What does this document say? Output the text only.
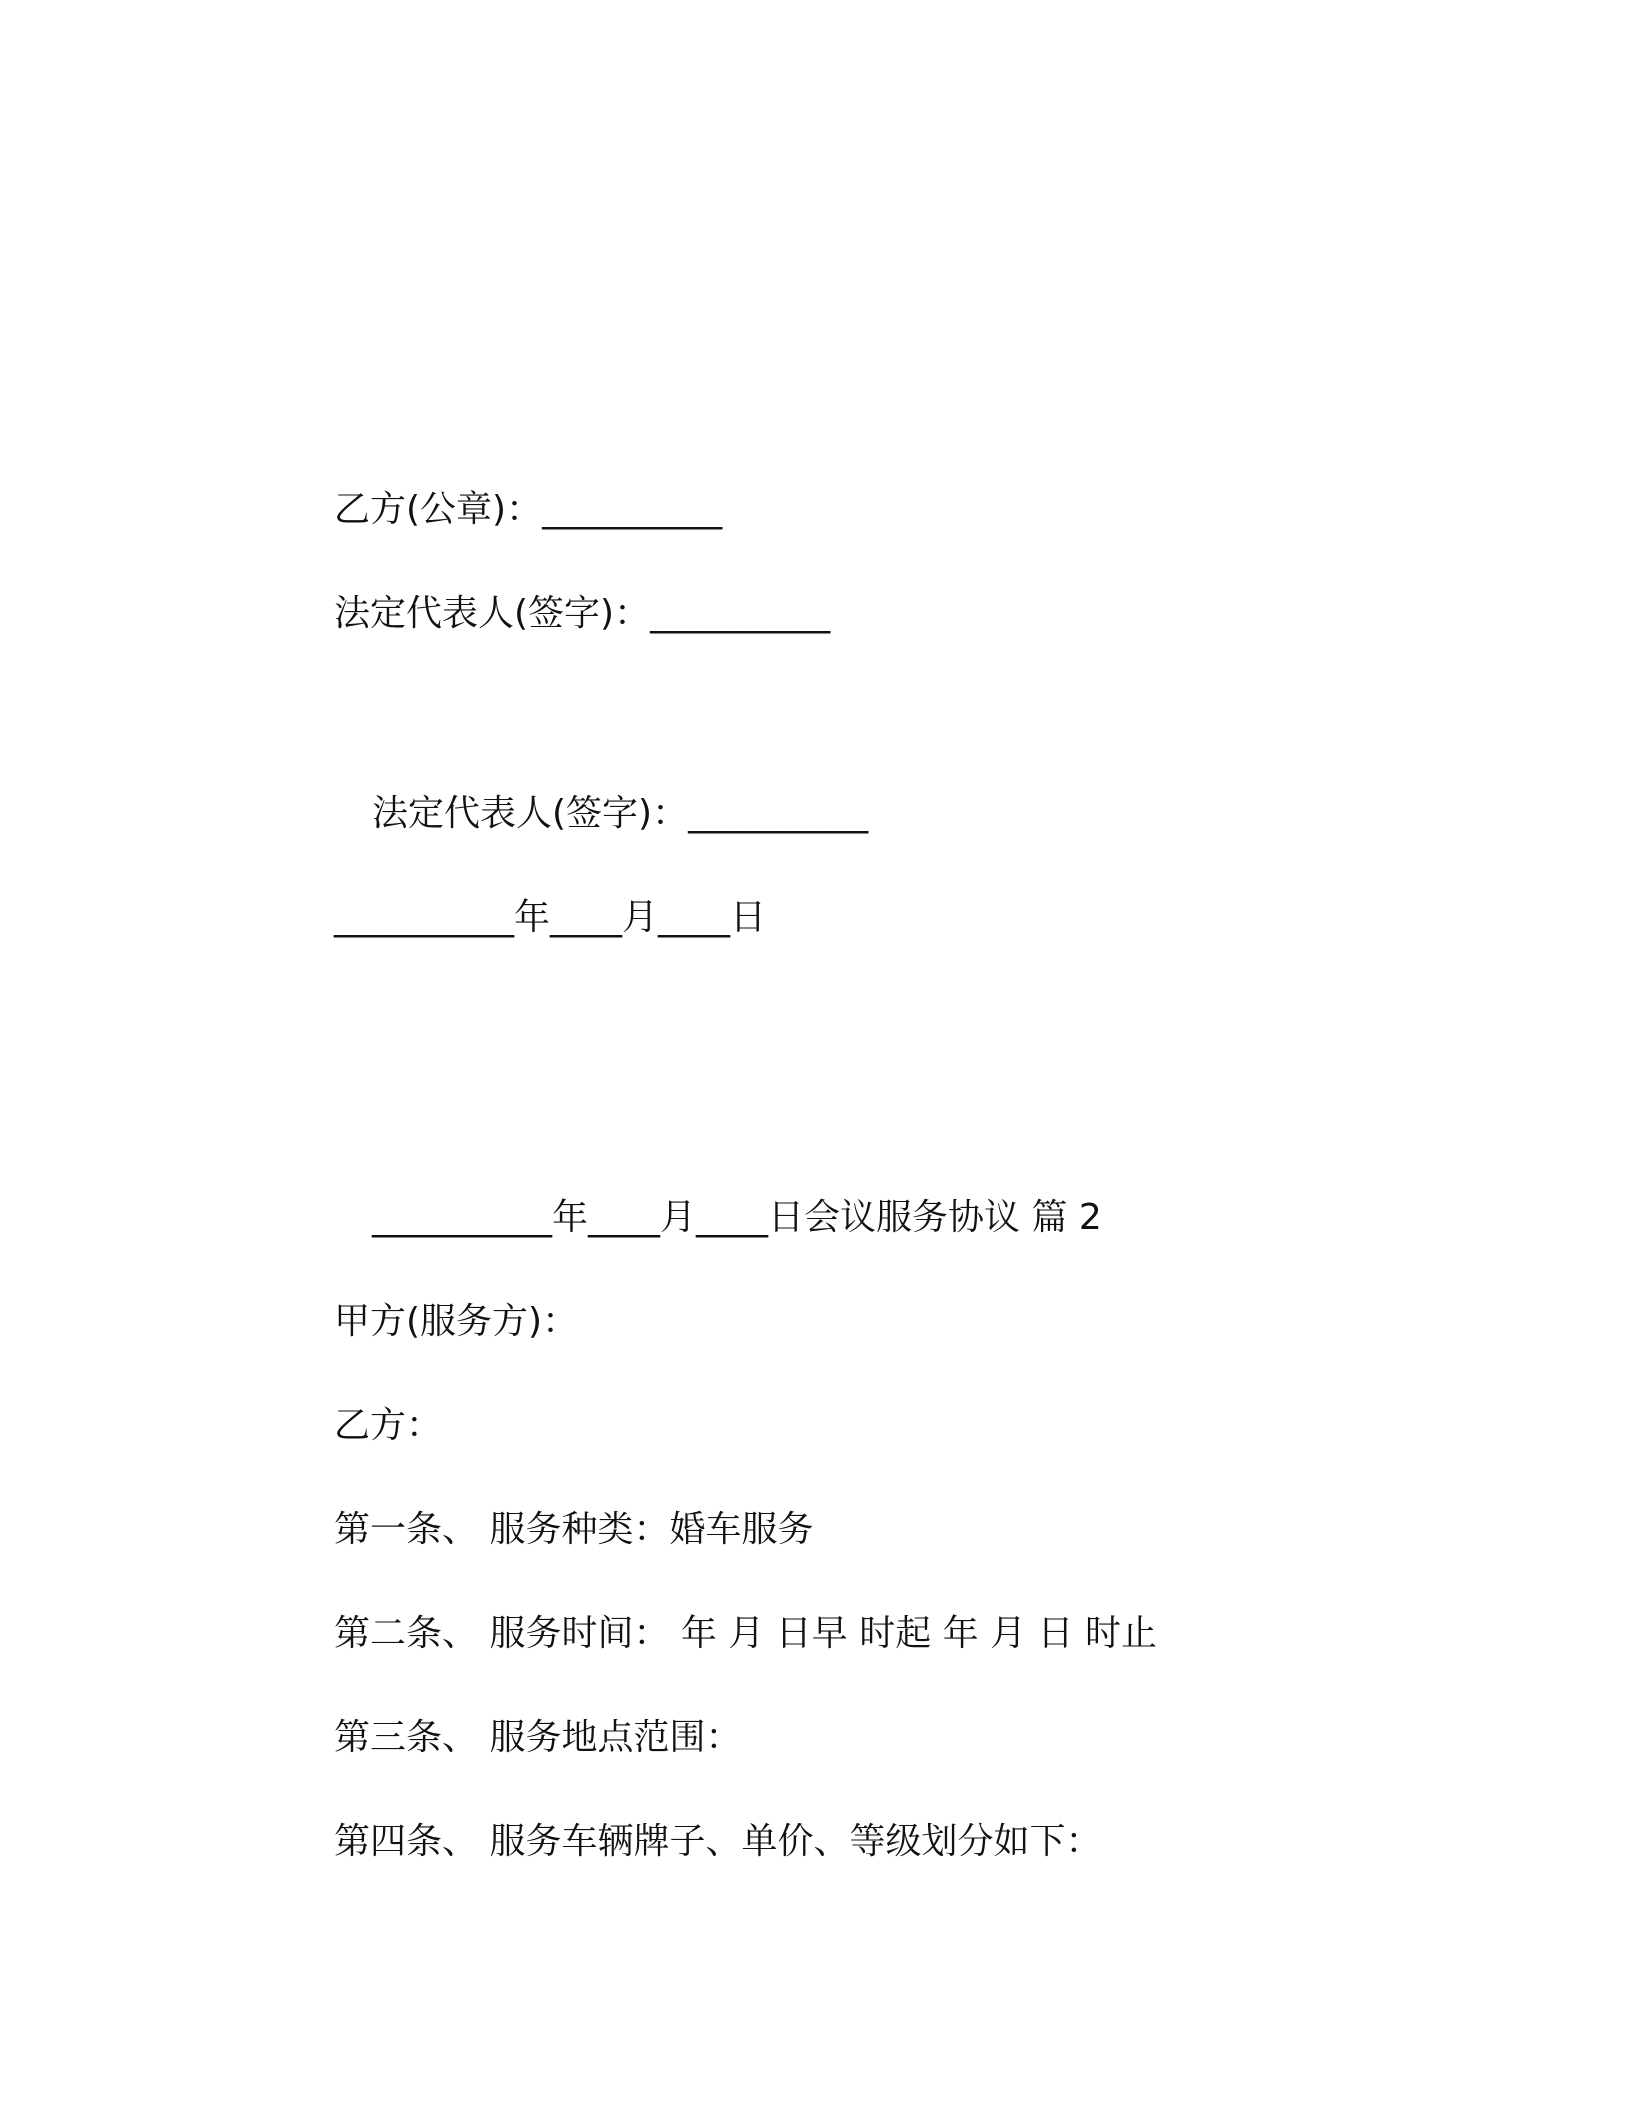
乙方(公章)：__________
法定代表人(签字)：__________
法定代表人(签字)：__________
__________年____月____日
__________年____月____日会议服务协议 篇 2
甲方(服务方)：
乙方：
第一条、 服务种类：婚车服务
第二条、 服务时间： 年 月 日早 时起 年 月 日 时止
第三条、 服务地点范围：
第四条、 服务车辆牌子、单价、等级划分如下：
